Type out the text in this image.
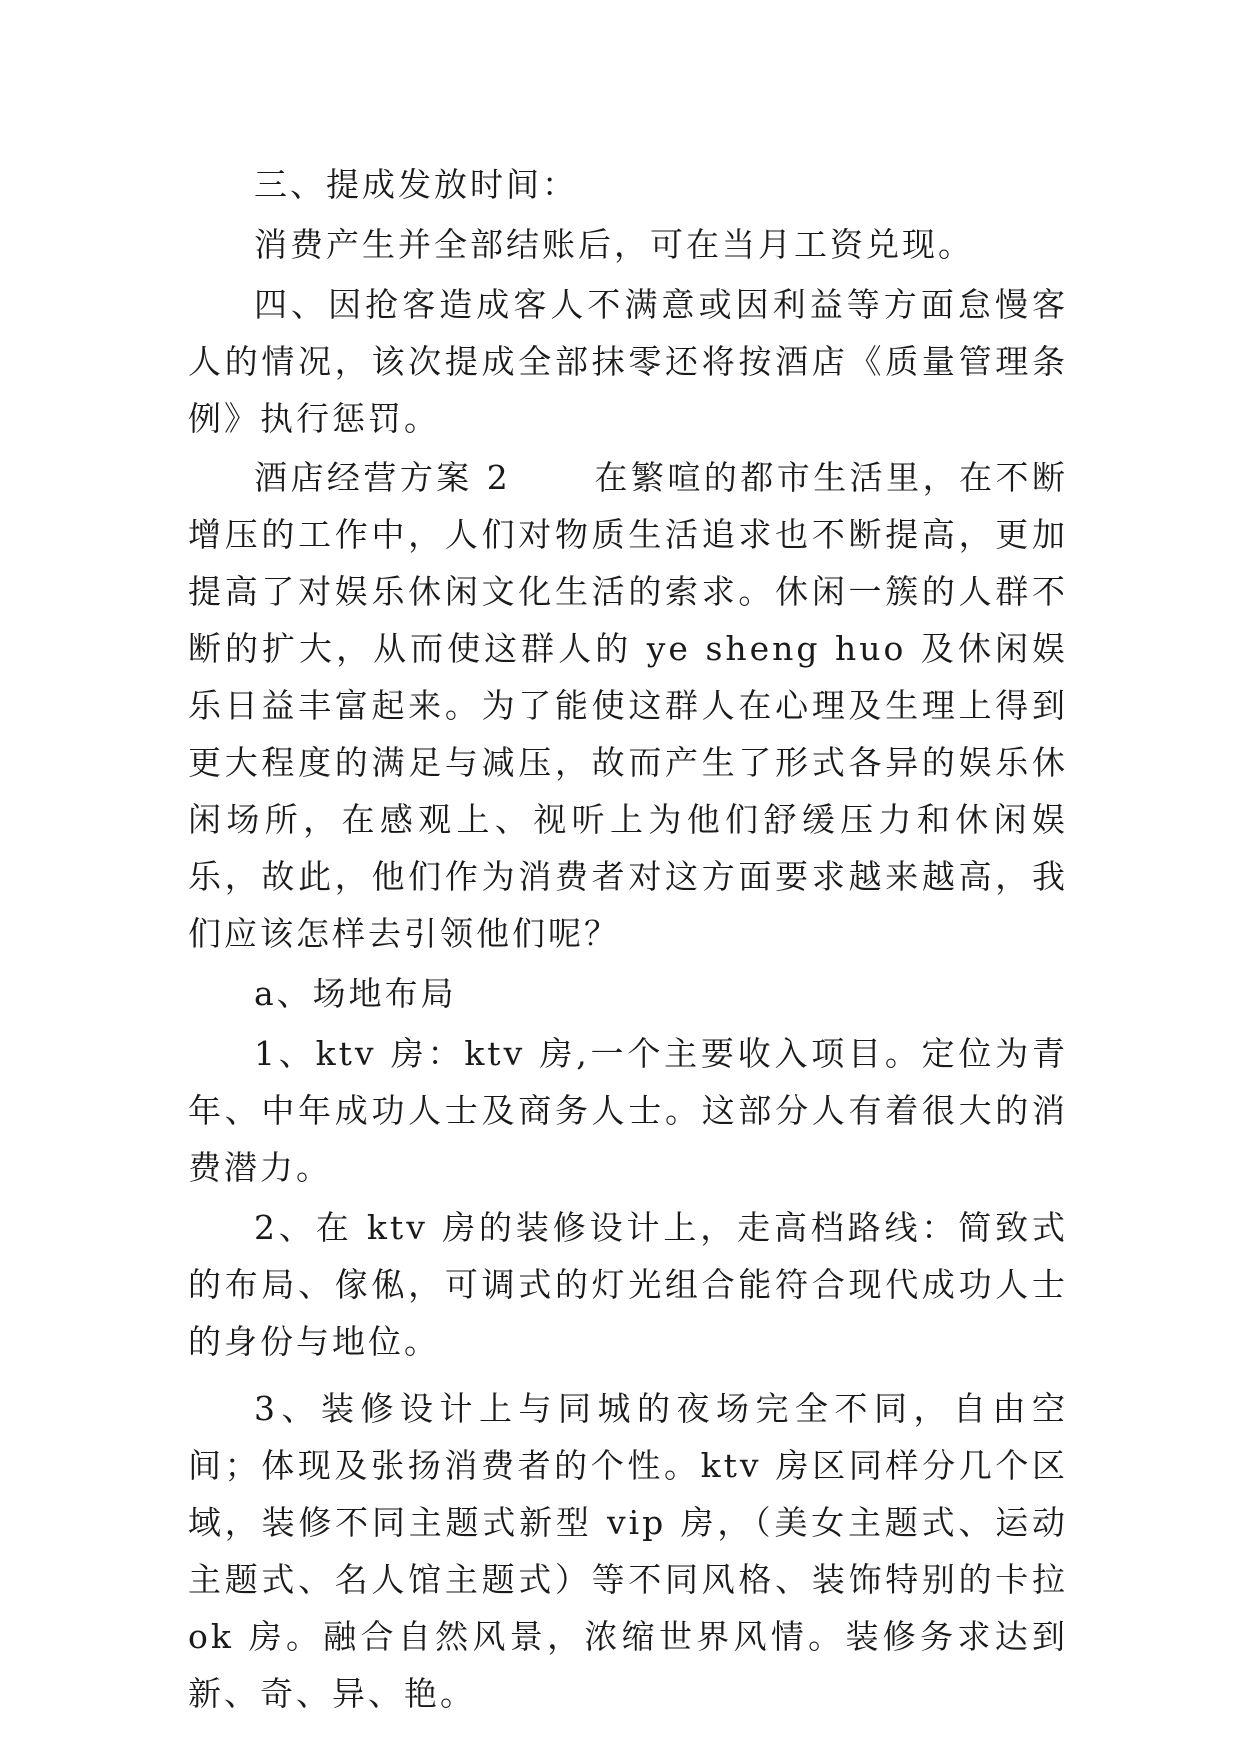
三、提成发放时间：

消费产生并全部结账后，可在当月工资兑现。

四、因抢客造成客人不满意或因利益等方面怠慢客人的情况，该次提成全部抹零还将按酒店《质量管理条例》执行惩罚。

酒店经营方案 2      在繁喧的都市生活里，在不断增压的工作中，人们对物质生活追求也不断提高，更加提高了对娱乐休闲文化生活的索求。休闲一簇的人群不断的扩大，从而使这群人的 ye sheng huo 及休闲娱乐日益丰富起来。为了能使这群人在心理及生理上得到更大程度的满足与减压，故而产生了形式各异的娱乐休闲场所，在感观上、视听上为他们舒缓压力和休闲娱乐，故此，他们作为消费者对这方面要求越来越高，我们应该怎样去引领他们呢？

a、场地布局

1、ktv 房：ktv 房,一个主要收入项目。定位为青年、中年成功人士及商务人士。这部分人有着很大的消费潜力。

2、在 ktv 房的装修设计上，走高档路线：简致式的布局、傢俬，可调式的灯光组合能符合现代成功人士的身份与地位。

3、装修设计上与同城的夜场完全不同，自由空间；体现及张扬消费者的个性。ktv 房区同样分几个区域，装修不同主题式新型 vip 房，（美女主题式、运动主题式、名人馆主题式）等不同风格、装饰特别的卡拉 ok 房。融合自然风景，浓缩世界风情。装修务求达到新、奇、异、艳。
